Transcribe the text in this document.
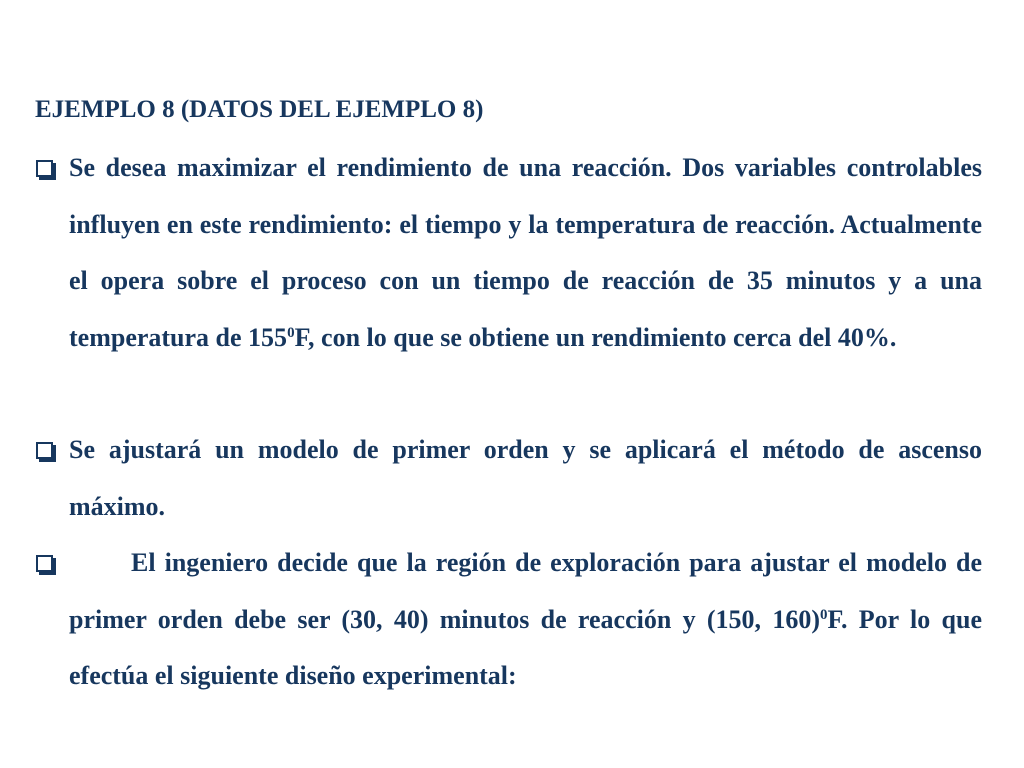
EJEMPLO 8 (DATOS DEL EJEMPLO 8)
Se desea maximizar el rendimiento de una reacción. Dos variables controlables influyen en este rendimiento: el tiempo y la temperatura de reacción. Actualmente el opera sobre el proceso con un tiempo de reacción de 35 minutos y a una temperatura de $155^0F$, con lo que se obtiene un rendimiento cerca del 40%.
Se ajustará un modelo de primer orden y se aplicará el método de ascenso máximo.
El ingeniero decide que la región de exploración para ajustar el modelo de primer orden debe ser (30, 40) minutos de reacción y (150, 160)$^0$F. Por lo que efectúa el siguiente diseño experimental:
